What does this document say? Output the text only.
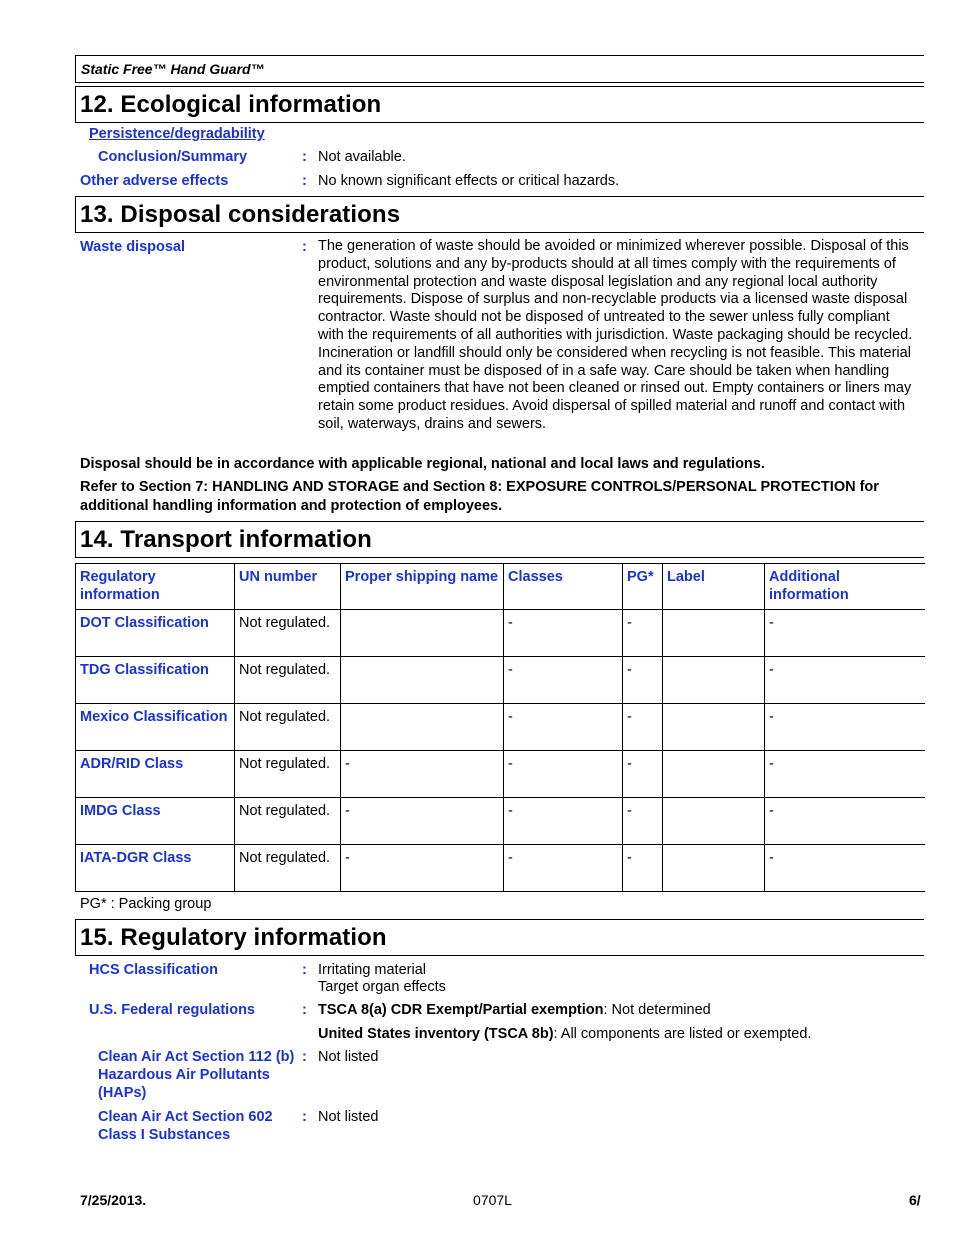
Static Free™ Hand Guard™
12. Ecological information
Persistence/degradability
Conclusion/Summary	: Not available.
Other adverse effects	: No known significant effects or critical hazards.
13. Disposal considerations
Waste disposal	: The generation of waste should be avoided or minimized wherever possible. Disposal of this product, solutions and any by-products should at all times comply with the requirements of environmental protection and waste disposal legislation and any regional local authority requirements. Dispose of surplus and non-recyclable products via a licensed waste disposal contractor. Waste should not be disposed of untreated to the sewer unless fully compliant with the requirements of all authorities with jurisdiction. Waste packaging should be recycled. Incineration or landfill should only be considered when recycling is not feasible. This material and its container must be disposed of in a safe way. Care should be taken when handling emptied containers that have not been cleaned or rinsed out. Empty containers or liners may retain some product residues. Avoid dispersal of spilled material and runoff and contact with soil, waterways, drains and sewers.
Disposal should be in accordance with applicable regional, national and local laws and regulations.
Refer to Section 7: HANDLING AND STORAGE and Section 8: EXPOSURE CONTROLS/PERSONAL PROTECTION for additional handling information and protection of employees.
14. Transport information
Regulatory information	UN number	Proper shipping name	Classes	PG*	Label	Additional information
DOT Classification	Not regulated.		-	-		-
TDG Classification	Not regulated.		-	-		-
Mexico Classification	Not regulated.		-	-		-
ADR/RID Class	Not regulated.	-	-	-		-
IMDG Class	Not regulated.	-	-	-		-
IATA-DGR Class	Not regulated.	-	-	-		-
PG* : Packing group
15. Regulatory information
HCS Classification	: Irritating material
Target organ effects
U.S. Federal regulations	: TSCA 8(a) CDR Exempt/Partial exemption: Not determined
United States inventory (TSCA 8b): All components are listed or exempted.
Clean Air Act Section 112 (b) Hazardous Air Pollutants (HAPs)
: Not listed
Clean Air Act Section 602 Class I Substances
: Not listed
7/25/2013.	0707L	6/
